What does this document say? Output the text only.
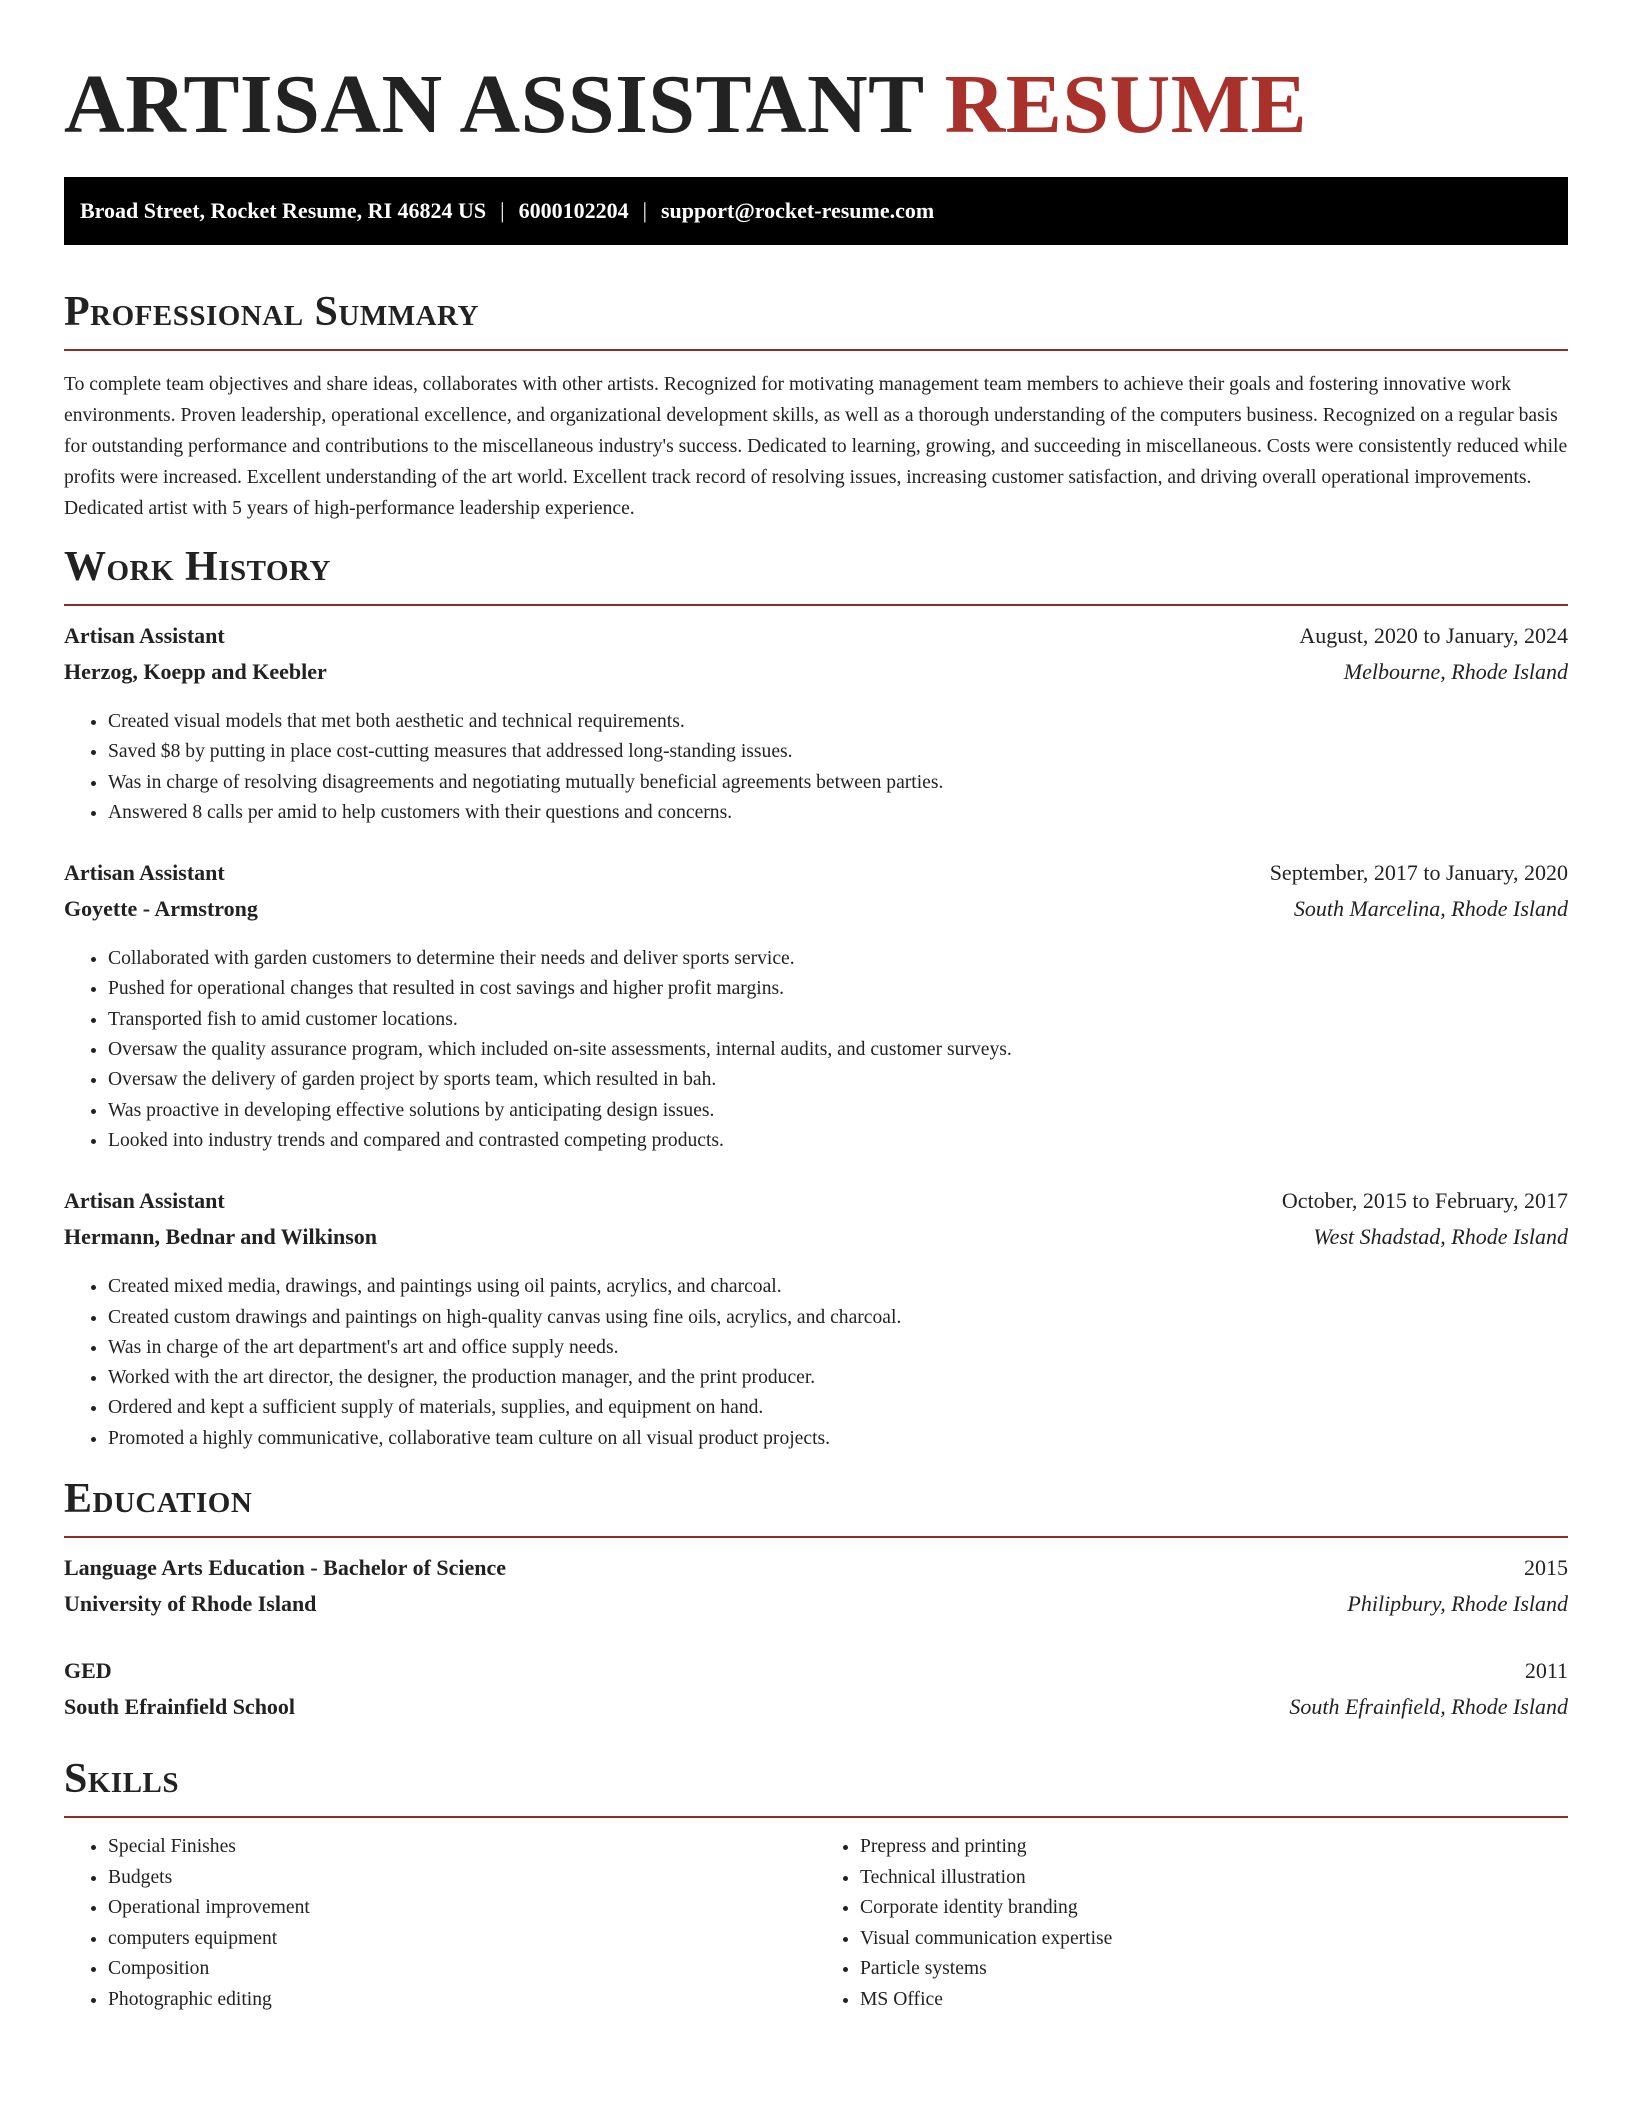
ARTISAN ASSISTANT RESUME
Broad Street, Rocket Resume, RI 46824 US | 6000102204 | support@rocket-resume.com
Professional Summary

To complete team objectives and share ideas, collaborates with other artists. Recognized for motivating management team members to achieve their goals and fostering innovative work environments. Proven leadership, operational excellence, and organizational development skills, as well as a thorough understanding of the computers business. Recognized on a regular basis for outstanding performance and contributions to the miscellaneous industry's success. Dedicated to learning, growing, and succeeding in miscellaneous. Costs were consistently reduced while profits were increased. Excellent understanding of the art world. Excellent track record of resolving issues, increasing customer satisfaction, and driving overall operational improvements. Dedicated artist with 5 years of high-performance leadership experience.

Work History
Artisan Assistant	August, 2020 to January, 2024
Herzog, Koepp and Keebler	Melbourne, Rhode Island
• Created visual models that met both aesthetic and technical requirements.
• Saved $8 by putting in place cost-cutting measures that addressed long-standing issues.
• Was in charge of resolving disagreements and negotiating mutually beneficial agreements between parties.
• Answered 8 calls per amid to help customers with their questions and concerns.
Artisan Assistant	September, 2017 to January, 2020
Goyette - Armstrong	South Marcelina, Rhode Island
• Collaborated with garden customers to determine their needs and deliver sports service.
• Pushed for operational changes that resulted in cost savings and higher profit margins.
• Transported fish to amid customer locations.
• Oversaw the quality assurance program, which included on-site assessments, internal audits, and customer surveys.
• Oversaw the delivery of garden project by sports team, which resulted in bah.
• Was proactive in developing effective solutions by anticipating design issues.
• Looked into industry trends and compared and contrasted competing products.
Artisan Assistant	October, 2015 to February, 2017
Hermann, Bednar and Wilkinson	West Shadstad, Rhode Island
• Created mixed media, drawings, and paintings using oil paints, acrylics, and charcoal.
• Created custom drawings and paintings on high-quality canvas using fine oils, acrylics, and charcoal.
• Was in charge of the art department's art and office supply needs.
• Worked with the art director, the designer, the production manager, and the print producer.
• Ordered and kept a sufficient supply of materials, supplies, and equipment on hand.
• Promoted a highly communicative, collaborative team culture on all visual product projects.
Education
Language Arts Education - Bachelor of Science	2015
University of Rhode Island	Philipbury, Rhode Island
GED	2011
South Efrainfield School	South Efrainfield, Rhode Island
Skills
• Special Finishes
• Budgets
• Operational improvement
• computers equipment
• Composition
• Photographic editing
• Prepress and printing
• Technical illustration
• Corporate identity branding
• Visual communication expertise
• Particle systems
• MS Office
